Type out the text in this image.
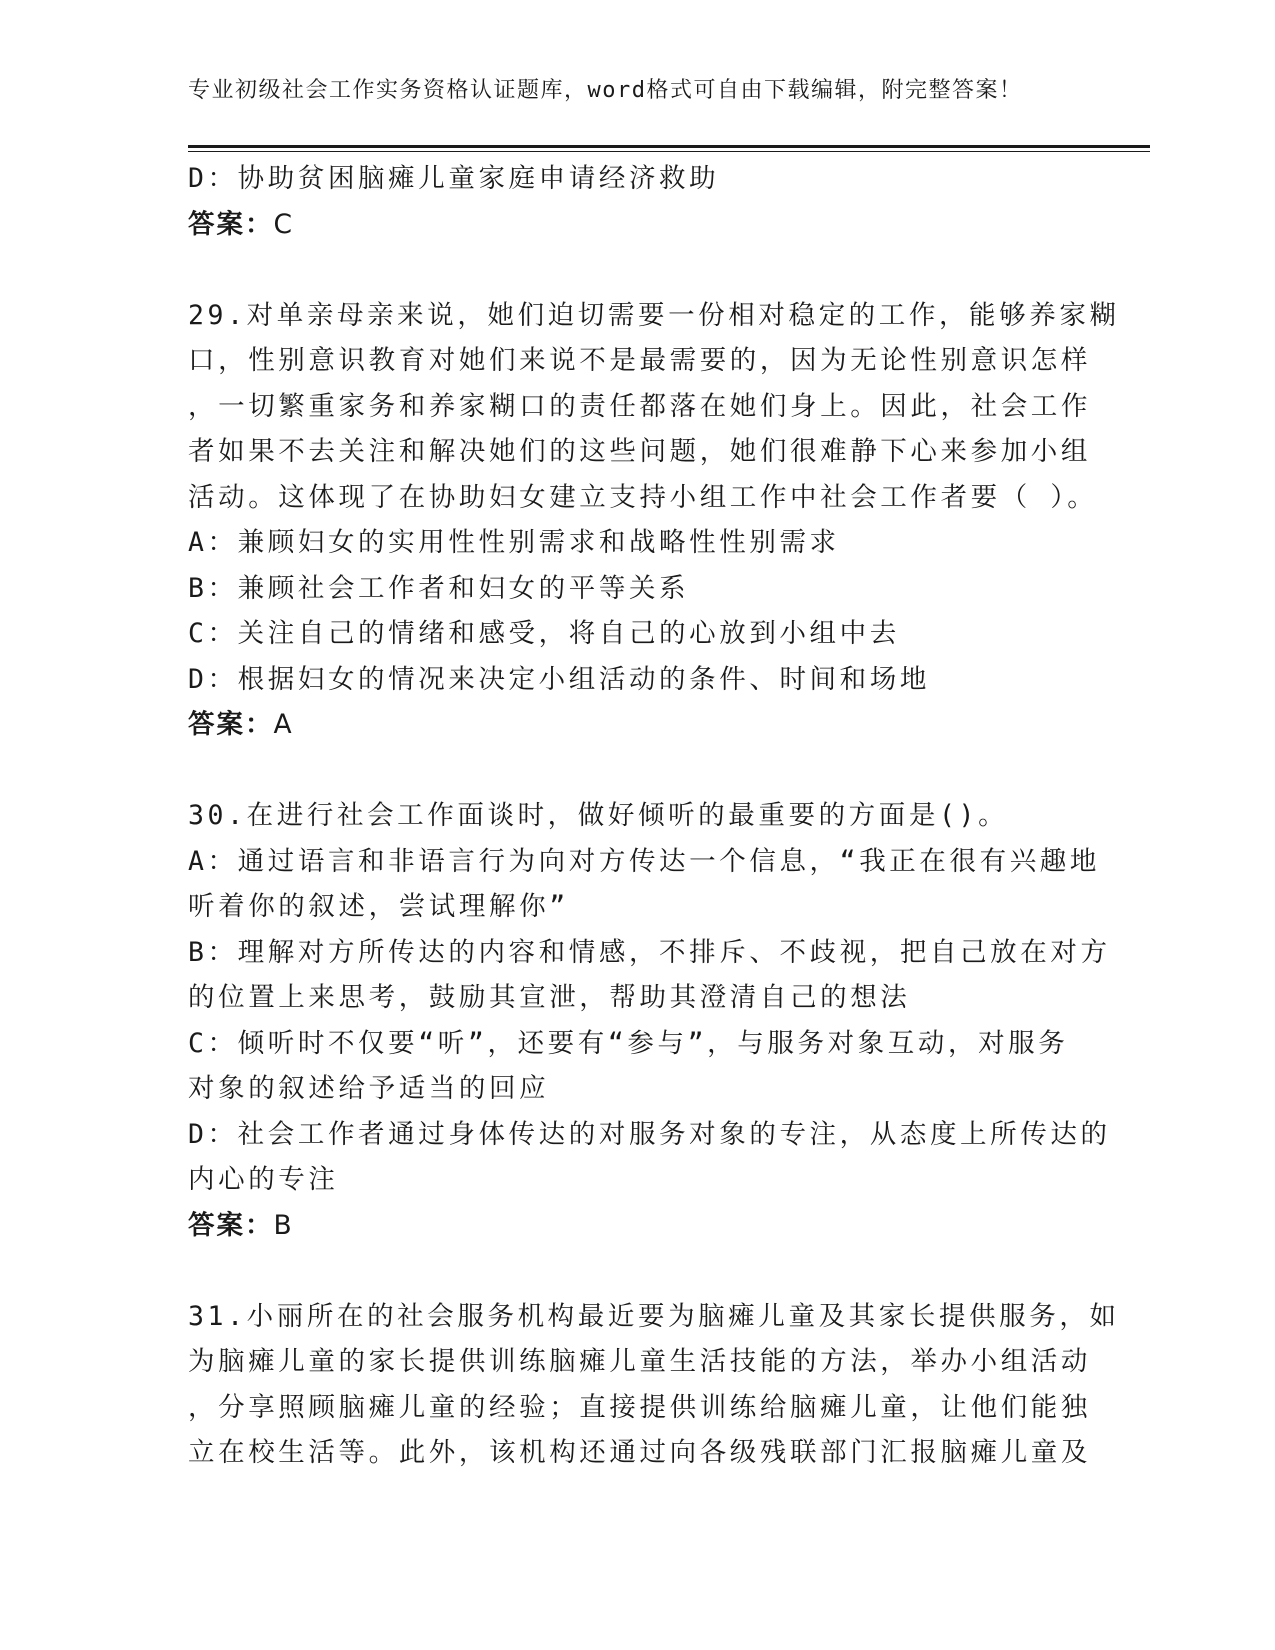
专业初级社会工作实务资格认证题库，word格式可自由下载编辑，附完整答案！
D：协助贫困脑瘫儿童家庭申请经济救助
答案：C
29.对单亲母亲来说，她们迫切需要一份相对稳定的工作，能够养家糊
口，性别意识教育对她们来说不是最需要的，因为无论性别意识怎样
，一切繁重家务和养家糊口的责任都落在她们身上。因此，社会工作
者如果不去关注和解决她们的这些问题，她们很难静下心来参加小组
活动。这体现了在协助妇女建立支持小组工作中社会工作者要（ ）。
A：兼顾妇女的实用性性别需求和战略性性别需求
B：兼顾社会工作者和妇女的平等关系
C：关注自己的情绪和感受，将自己的心放到小组中去
D：根据妇女的情况来决定小组活动的条件、时间和场地
答案：A
30.在进行社会工作面谈时，做好倾听的最重要的方面是()。
A：通过语言和非语言行为向对方传达一个信息，“我正在很有兴趣地
听着你的叙述，尝试理解你”
B：理解对方所传达的内容和情感，不排斥、不歧视，把自己放在对方
的位置上来思考，鼓励其宣泄，帮助其澄清自己的想法
C：倾听时不仅要“听”，还要有“参与”，与服务对象互动，对服务
对象的叙述给予适当的回应
D：社会工作者通过身体传达的对服务对象的专注，从态度上所传达的
内心的专注
答案：B
31.小丽所在的社会服务机构最近要为脑瘫儿童及其家长提供服务，如
为脑瘫儿童的家长提供训练脑瘫儿童生活技能的方法，举办小组活动
，分享照顾脑瘫儿童的经验；直接提供训练给脑瘫儿童，让他们能独
立在校生活等。此外，该机构还通过向各级残联部门汇报脑瘫儿童及
